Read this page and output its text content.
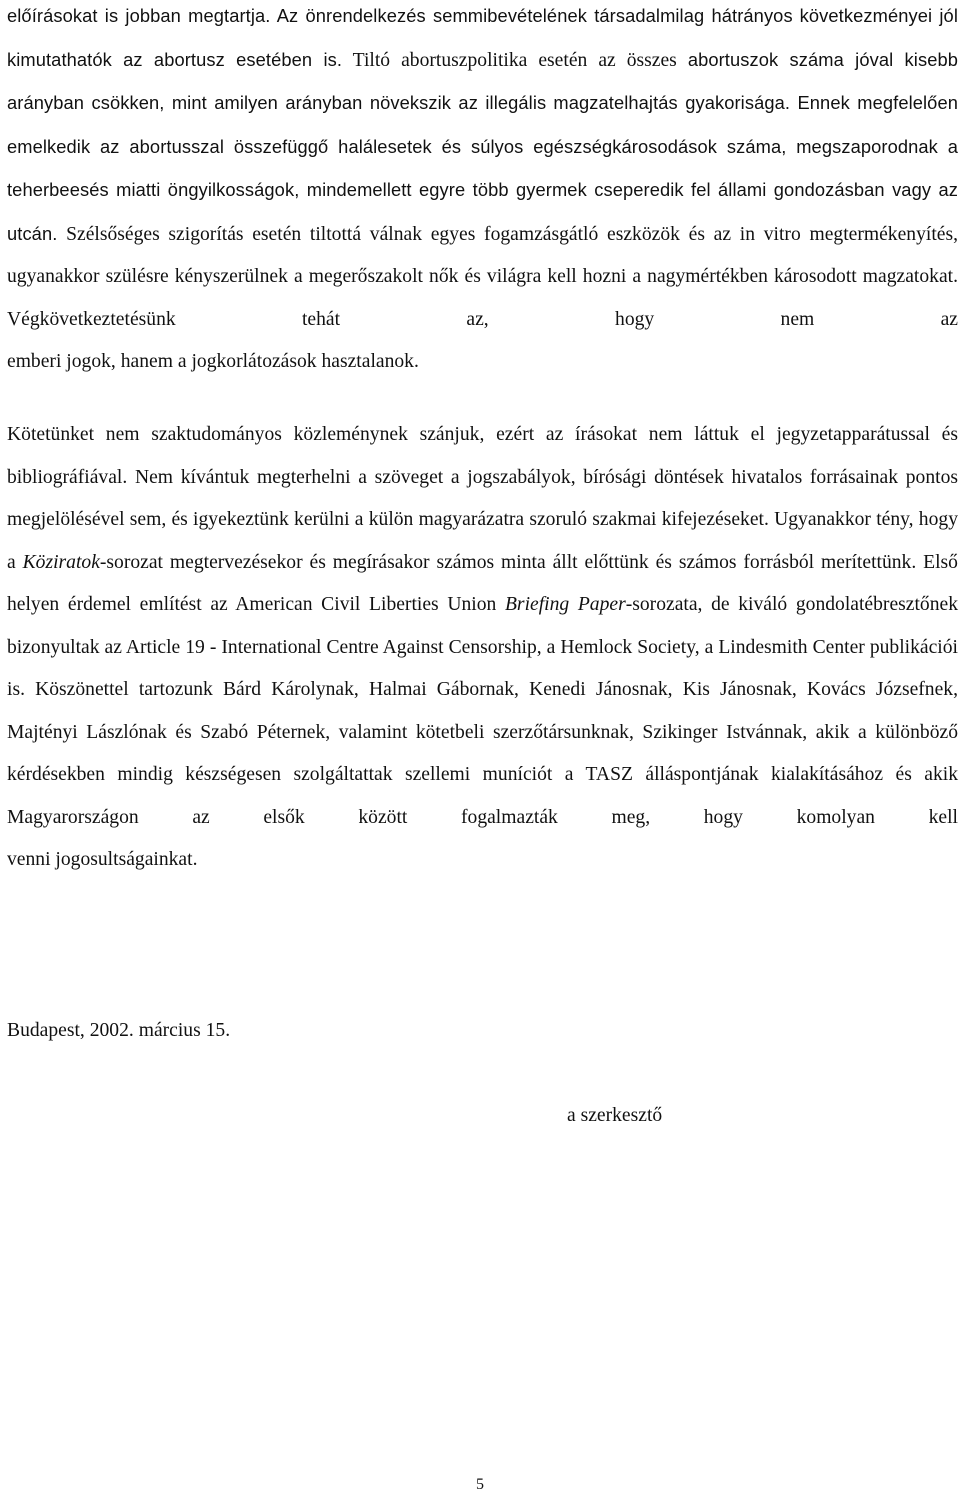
előírásokat is jobban megtartja. Az önrendelkezés semmibevételének társadalmilag hátrányos következményei jól kimutathatók az abortusz esetében is. Tiltó abortuszpolitika esetén az összes abortuszok száma jóval kisebb arányban csökken, mint amilyen arányban növekszik az illegális magzatelhajtás gyakorisága. Ennek megfelelően emelkedik az abortusszal összefüggő halálesetek és súlyos egészségkárosodások száma, megszaporodnak a teherbeesés miatti öngyilkosságok, mindemellett egyre több gyermek cseperedik fel állami gondozásban vagy az utcán. Szélsőséges szigorítás esetén tiltottá válnak egyes fogamzásgátló eszközök és az in vitro megtermékenyítés, ugyanakkor szülésre kényszerülnek a megerőszakolt nők és világra kell hozni a nagymértékben károsodott magzatokat. Végkövetkeztetésünk tehát az, hogy nem az
emberi jogok, hanem a jogkorlátozások hasztalanok.

Kötetünket nem szaktudományos közleménynek szánjuk, ezért az írásokat nem láttuk el jegyzetapparátussal és bibliográfiával. Nem kívántuk megterhelni a szöveget a jogszabályok, bírósági döntések hivatalos forrásainak pontos megjelölésével sem, és igyekeztünk kerülni a külön magyarázatra szoruló szakmai kifejezéseket. Ugyanakkor tény, hogy a Köziratok-sorozat megtervezésekor és megírásakor számos minta állt előttünk és számos forrásból merítettünk. Első helyen érdemel említést az American Civil Liberties Union Briefing Paper-sorozata, de kiváló gondolatébresztőnek bizonyultak az Article 19 - International Centre Against Censorship, a Hemlock Society, a Lindesmith Center publikációi is. Köszönettel tartozunk Bárd Károlynak, Halmai Gábornak, Kenedi Jánosnak, Kis Jánosnak, Kovács Józsefnek, Majtényi Lászlónak és Szabó Péternek, valamint kötetbeli szerzőtársunknak, Szikinger Istvánnak, akik a különböző kérdésekben mindig készségesen szolgáltattak szellemi muníciót a TASZ álláspontjának kialakításához és akik Magyarországon az elsők között fogalmazták meg, hogy komolyan kell
venni jogosultságainkat.

Budapest, 2002. március 15.

a szerkesztő

5
